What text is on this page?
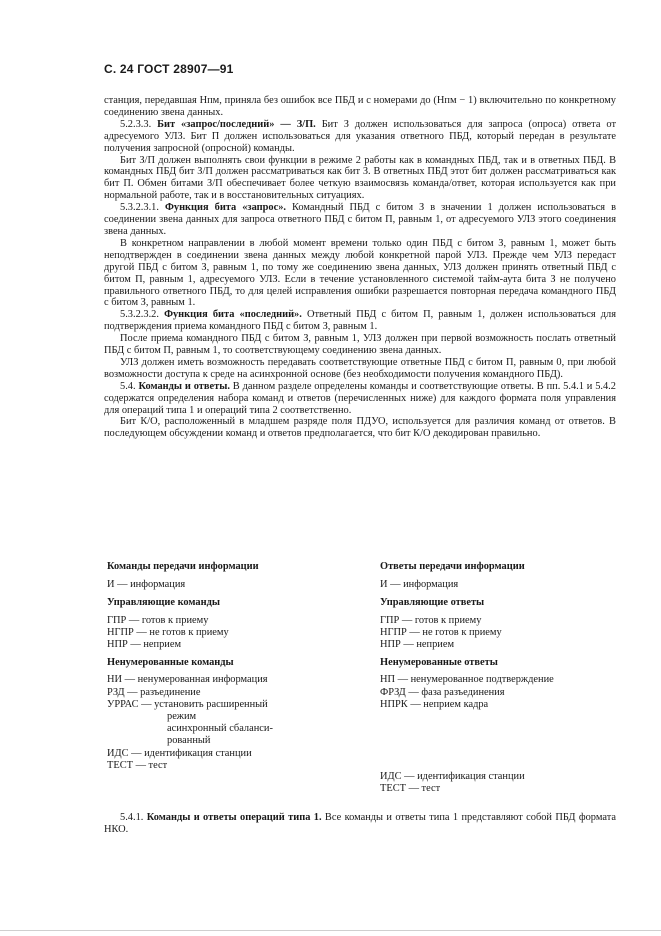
С. 24 ГОСТ 28907—91

станция, передавшая Нпм, приняла без ошибок все ПБД и с номерами до (Нпм − 1) включительно по конкретному соединению звена данных.

5.2.3.3. Бит «запрос/последний» — З/П. Бит З должен использоваться для запроса (опроса) ответа от адресуемого УЛЗ. Бит П должен использоваться для указания ответного ПБД, который передан в результате получения запросной (опросной) команды.

Бит З/П должен выполнять свои функции в режиме 2 работы как в командных ПБД, так и в ответных ПБД. В командных ПБД бит З/П должен рассматриваться как бит З. В ответных ПБД этот бит должен рассматриваться как бит П. Обмен битами З/П обеспечивает более четкую взаимосвязь команда/ответ, которая используется как при нормальной работе, так и в восстановительных ситуациях.

5.3.2.3.1. Функция бита «запрос». Командный ПБД с битом З в значении 1 должен использоваться в соединении звена данных для запроса ответного ПБД с битом П, равным 1, от адресуемого УЛЗ этого соединения звена данных.

В конкретном направлении в любой момент времени только один ПБД с битом З, равным 1, может быть неподтвержден в соединении звена данных между любой конкретной парой УЛЗ. Прежде чем УЛЗ передаст другой ПБД с битом З, равным 1, по тому же соединению звена данных, УЛЗ должен принять ответный ПБД с битом П, равным 1, адресуемого УЛЗ. Если в течение установленного системой тайм-аута бита З не получено правильного ответного ПБД, то для целей исправления ошибки разрешается повторная передача командного ПБД с битом З, равным 1.

5.3.2.3.2. Функция бита «последний». Ответный ПБД с битом П, равным 1, должен использоваться для подтверждения приема командного ПБД с битом З, равным 1.

После приема командного ПБД с битом З, равным 1, УЛЗ должен при первой возможность послать ответный ПБД с битом П, равным 1, то соответствующему соединению звена данных.

УЛЗ должен иметь возможность передавать соответствующие ответные ПБД с битом П, равным 0, при любой возможности доступа к среде на асинхронной основе (без необходимости получения командного ПБД).

5.4. Команды и ответы. В данном разделе определены команды и соответствующие ответы. В пп. 5.4.1 и 5.4.2 содержатся определения набора команд и ответов (перечисленных ниже) для каждого формата поля управления для операций типа 1 и операций типа 2 соответственно.

Бит К/О, расположенный в младшем разряде поля ПДУО, используется для различия команд от ответов. В последующем обсуждении команд и ответов предполагается, что бит К/О декодирован правильно.

Команды передачи информации
И — информация
Управляющие команды
ГПР — готов к приему
НГПР — не готов к приему
НПР — неприем
Ненумерованные команды
НИ — ненумерованная информация
РЗД — разъединение
УРРАС — установить расширенный
режим
асинхронный сбаланси-
рованный
ИДС — идентификация станции
ТЕСТ — тест
Ответы передачи информации
И — информация
Управляющие ответы
ГПР — готов к приему
НГПР — не готов к приему
НПР — неприем
Ненумерованные ответы
НП — ненумерованное подтверждение
ФРЗД — фаза разъединения
НПРК — неприем кадра
ИДС — идентификация станции
ТЕСТ — тест

5.4.1. Команды и ответы операций типа 1. Все команды и ответы типа 1 представляют собой ПБД формата НКО.
